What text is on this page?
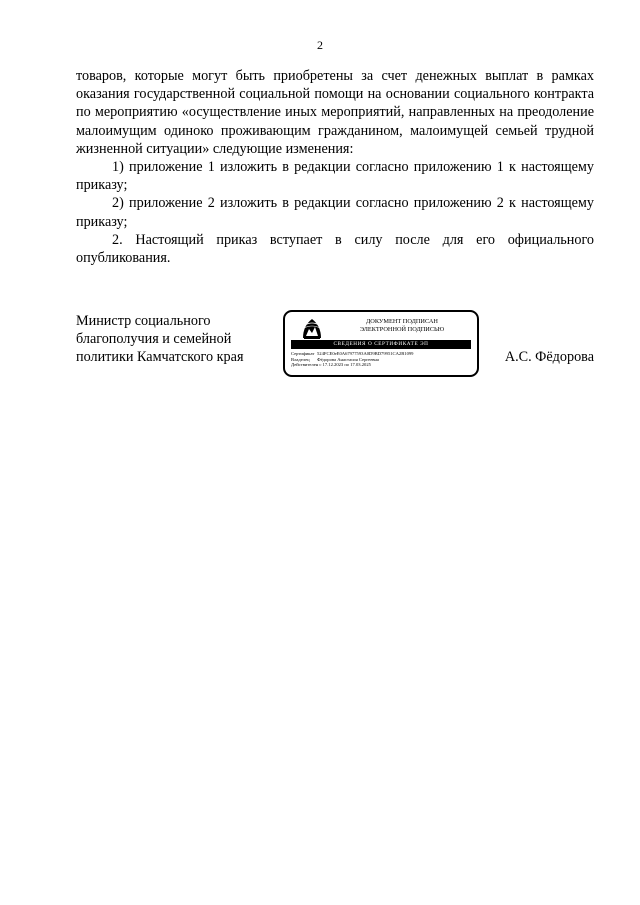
2

товаров, которые могут быть приобретены за счет денежных выплат в рамках оказания государственной социальной помощи на основании социального контракта по мероприятию «осуществление иных мероприятий, направленных на преодоление малоимущим одиноко проживающим гражданином, малоимущей семьей трудной жизненной ситуации» следующие изменения:

1) приложение 1 изложить в редакции согласно приложению 1 к настоящему приказу;

2) приложение 2 изложить в редакции согласно приложению 2 к настоящему приказу;

2. Настоящий приказ вступает в силу после для его официального опубликования.

Министр социального
благополучия и семейной
политики Камчатского края
ДОКУМЕНТ ПОДПИСАН
ЭЛЕКТРОННОЙ ПОДПИСЬЮ
СВЕДЕНИЯ О СЕРТИФИКАТЕ ЭП
Сертификат 524FCE0eE0A67977593A0D9BD79951CA2B1099
Владелец Фёдорова Анастасия Сергеевна
Действителен с 17.12.2023 по 17.03.2025	А.С. Фёдорова
